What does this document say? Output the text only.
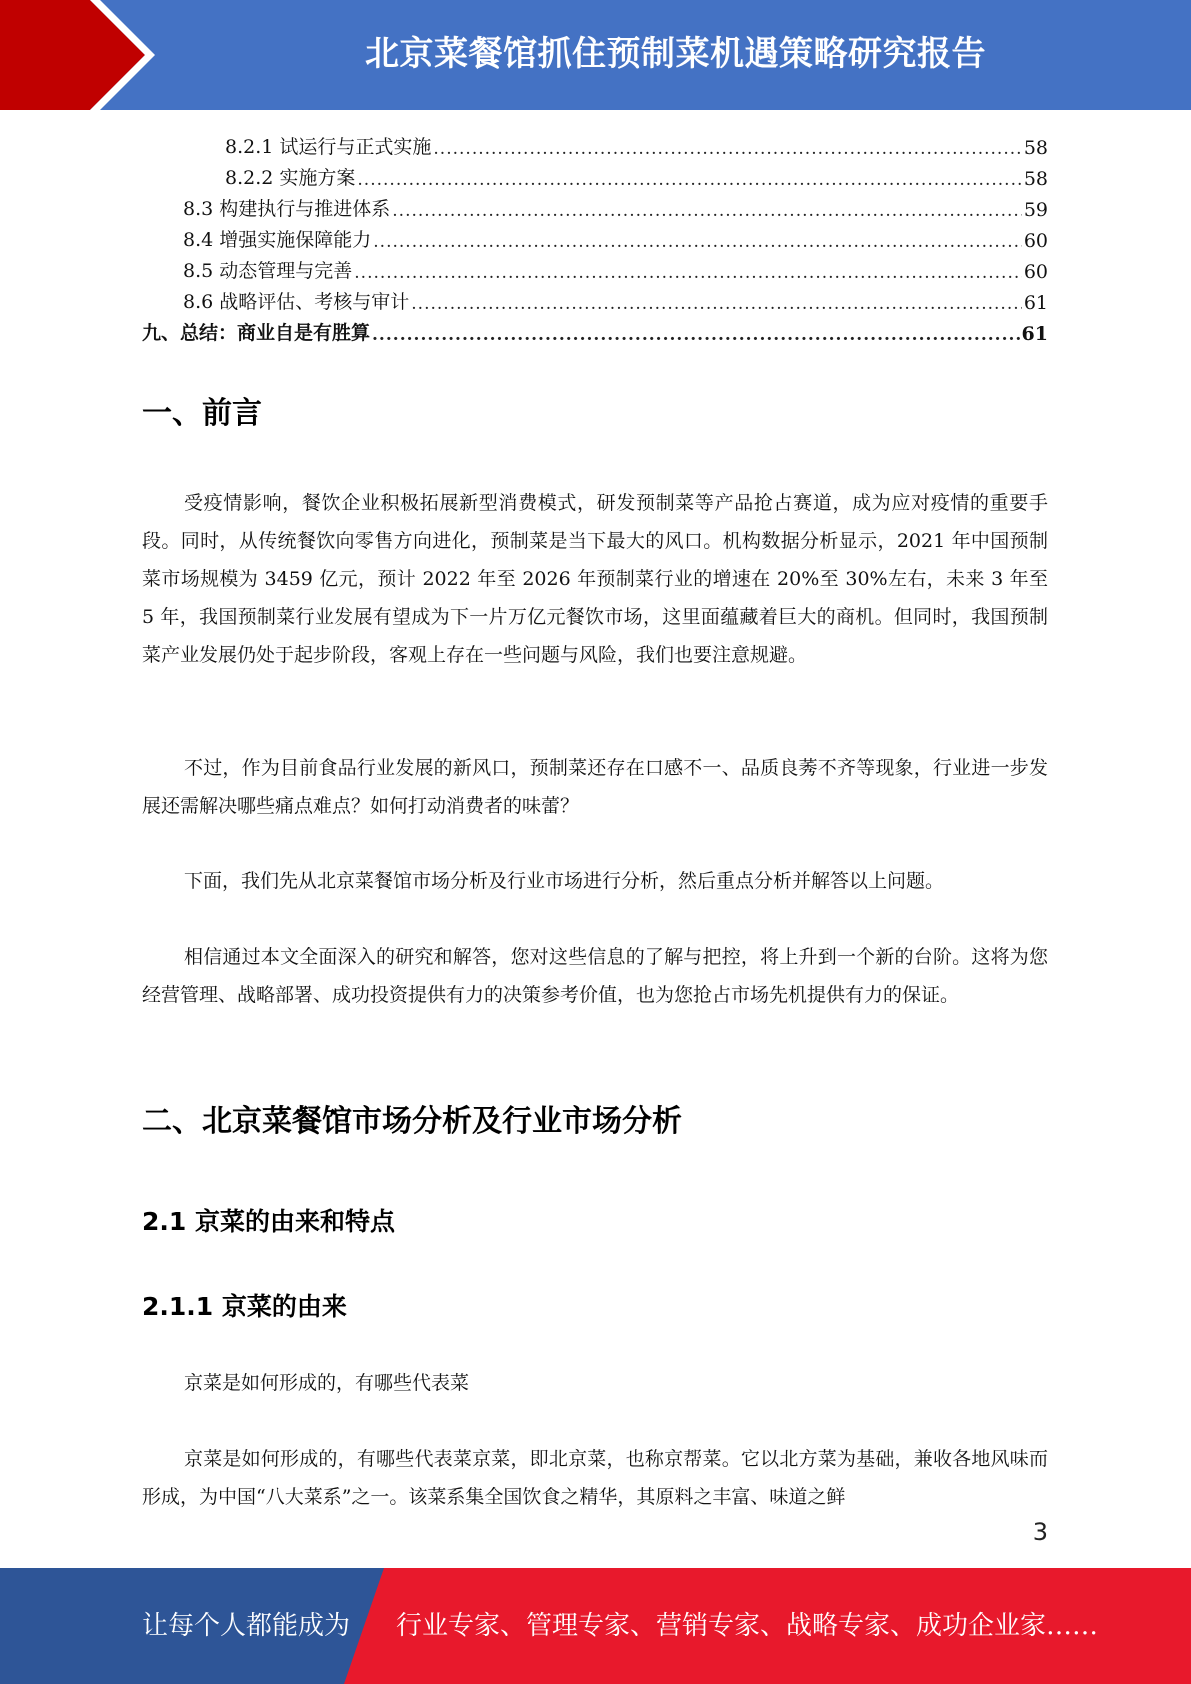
北京菜餐馆抓住预制菜机遇策略研究报告
8.2.1 试运行与正式实施 .....	58
8.2.2 实施方案 .....	58
8.3 构建执行与推进体系 .....	59
8.4 增强实施保障能力 .....	60
8.5 动态管理与完善 .....	60
8.6 战略评估、考核与审计 .....	61
九、总结：商业自是有胜算 .....	61
一、前言
受疫情影响，餐饮企业积极拓展新型消费模式，研发预制菜等产品抢占赛道，成为应对疫情的重要手段。同时，从传统餐饮向零售方向进化，预制菜是当下最大的风口。机构数据分析显示，2021 年中国预制菜市场规模为 3459 亿元，预计 2022 年至 2026 年预制菜行业的增速在 20%至 30%左右，未来 3 年至 5 年，我国预制菜行业发展有望成为下一片万亿元餐饮市场，这里面蕴藏着巨大的商机。但同时，我国预制菜产业发展仍处于起步阶段，客观上存在一些问题与风险，我们也要注意规避。
不过，作为目前食品行业发展的新风口，预制菜还存在口感不一、品质良莠不齐等现象，行业进一步发展还需解决哪些痛点难点？如何打动消费者的味蕾？
下面，我们先从北京菜餐馆市场分析及行业市场进行分析，然后重点分析并解答以上问题。
相信通过本文全面深入的研究和解答，您对这些信息的了解与把控，将上升到一个新的台阶。这将为您经营管理、战略部署、成功投资提供有力的决策参考价值，也为您抢占市场先机提供有力的保证。
二、北京菜餐馆市场分析及行业市场分析
2.1 京菜的由来和特点
2.1.1 京菜的由来
京菜是如何形成的，有哪些代表菜
京菜是如何形成的，有哪些代表菜京菜，即北京菜，也称京帮菜。它以北方菜为基础，兼收各地风味而形成，为中国“八大菜系”之一。该菜系集全国饮食之精华，其原料之丰富、味道之鲜
3
让每个人都能成为 行业专家、管理专家、营销专家、战略专家、成功企业家……
